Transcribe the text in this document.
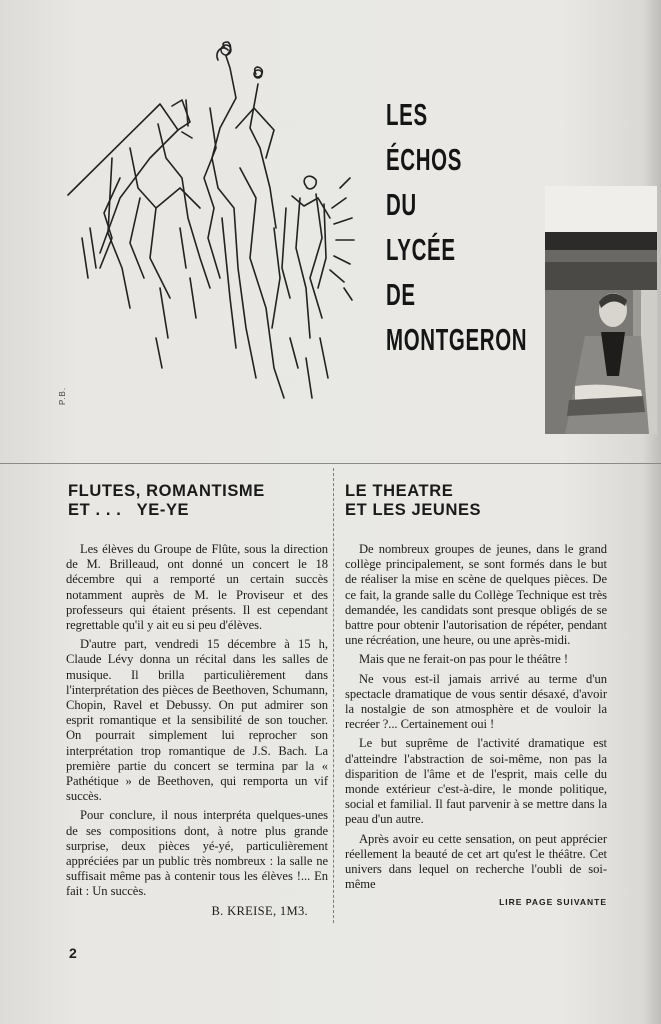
P.B.
LES
ÉCHOS
DU
LYCÉE
DE
MONTGERON
FLUTES, ROMANTISME
ET . . .   YE-YE

Les élèves du Groupe de Flûte, sous la direction de M. Brilleaud, ont donné un concert le 18 décembre qui a remporté un certain succès notamment auprès de M. le Proviseur et des professeurs qui étaient présents. Il est cependant regrettable qu'il y ait eu si peu d'élèves.

D'autre part, vendredi 15 décembre à 15 h, Claude Lévy donna un récital dans les salles de musique. Il brilla particulièrement dans l'interprétation des pièces de Beethoven, Schumann, Chopin, Ravel et Debussy. On put admirer son esprit romantique et la sensibilité de son toucher. On pourrait simplement lui reprocher son interprétation trop romantique de J.S. Bach. La première partie du concert se termina par la « Pathétique » de Beethoven, qui remporta un vif succès.

Pour conclure, il nous interpréta quelques-unes de ses compositions dont, à notre plus grande surprise, deux pièces yé-yé, particulièrement appréciées par un public très nombreux : la salle ne suffisait même pas à contenir tous les élèves !... En fait : Un succès.

B. KREISE, 1M3.

LE THEATRE
ET LES JEUNES

De nombreux groupes de jeunes, dans le grand collège principalement, se sont formés dans le but de réaliser la mise en scène de quelques pièces. De ce fait, la grande salle du Collège Technique est très demandée, les candidats sont presque obligés de se battre pour obtenir l'autorisation de répéter, pendant une récréation, une heure, ou une après-midi.

Mais que ne ferait-on pas pour le théâtre !

Ne vous est-il jamais arrivé au terme d'un spectacle dramatique de vous sentir désaxé, d'avoir la nostalgie de son atmosphère et de vouloir la recréer ?... Certainement oui !

Le but suprême de l'activité dramatique est d'atteindre l'abstraction de soi-même, non pas la disparition de l'âme et de l'esprit, mais celle du monde extérieur c'est-à-dire, le monde politique, social et familial. Il faut parvenir à se mettre dans la peau d'un autre.

Après avoir eu cette sensation, on peut apprécier réellement la beauté de cet art qu'est le théâtre. Cet univers dans lequel on recherche l'oubli de soi-même

LIRE PAGE SUIVANTE

2
